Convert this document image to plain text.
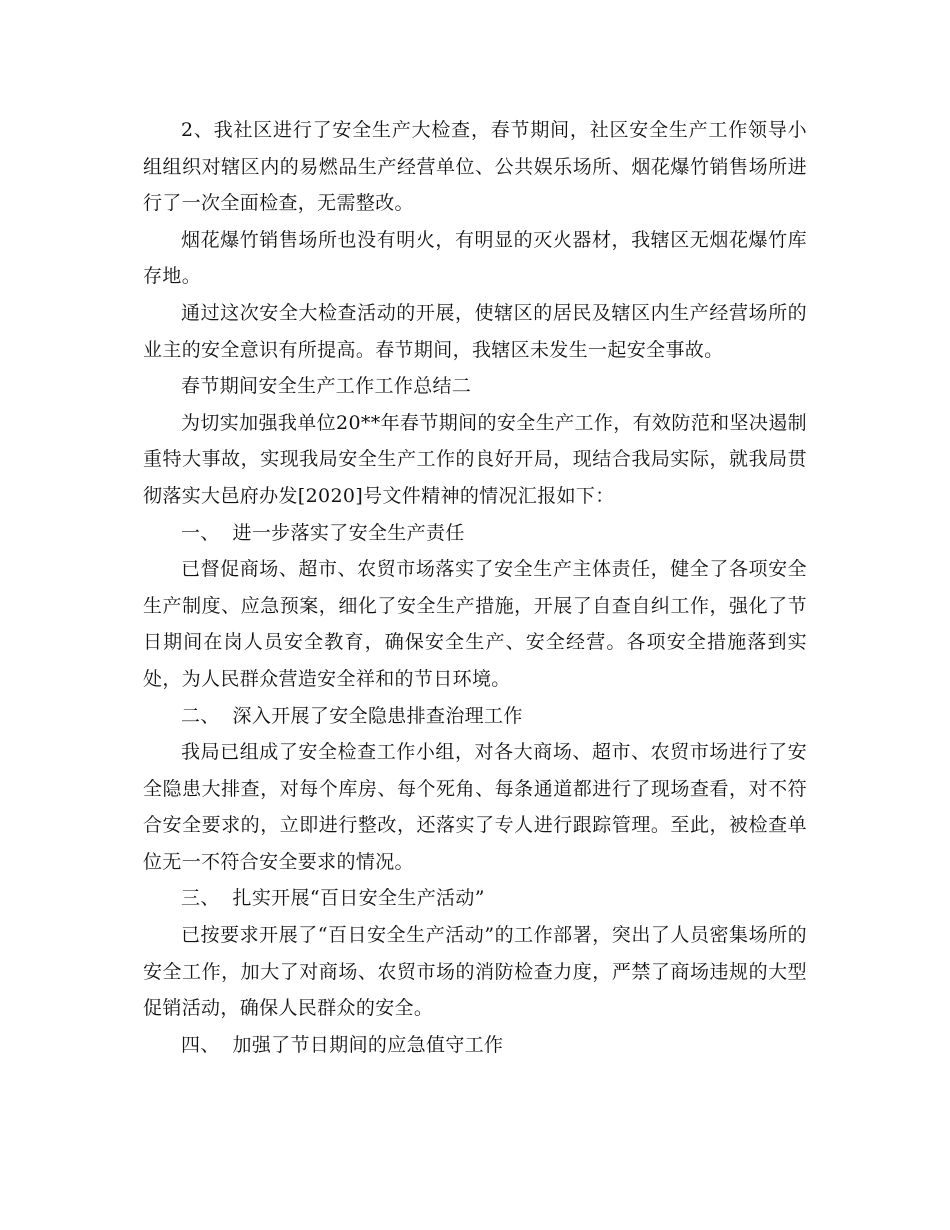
2、我社区进行了安全生产大检查，春节期间，社区安全生产工作领导小组组织对辖区内的易燃品生产经营单位、公共娱乐场所、烟花爆竹销售场所进行了一次全面检查，无需整改。

烟花爆竹销售场所也没有明火，有明显的灭火器材，我辖区无烟花爆竹库存地。

通过这次安全大检查活动的开展，使辖区的居民及辖区内生产经营场所的业主的安全意识有所提高。春节期间，我辖区未发生一起安全事故。

春节期间安全生产工作工作总结二

为切实加强我单位20**年春节期间的安全生产工作，有效防范和坚决遏制重特大事故，实现我局安全生产工作的良好开局，现结合我局实际，就我局贯彻落实大邑府办发[2020]号文件精神的情况汇报如下：

一、  进一步落实了安全生产责任

已督促商场、超市、农贸市场落实了安全生产主体责任，健全了各项安全生产制度、应急预案，细化了安全生产措施，开展了自查自纠工作，强化了节日期间在岗人员安全教育，确保安全生产、安全经营。各项安全措施落到实处，为人民群众营造安全祥和的节日环境。

二、  深入开展了安全隐患排查治理工作

我局已组成了安全检查工作小组，对各大商场、超市、农贸市场进行了安全隐患大排查，对每个库房、每个死角、每条通道都进行了现场查看，对不符合安全要求的，立即进行整改，还落实了专人进行跟踪管理。至此，被检查单位无一不符合安全要求的情况。

三、  扎实开展“百日安全生产活动”

已按要求开展了“百日安全生产活动”的工作部署，突出了人员密集场所的安全工作，加大了对商场、农贸市场的消防检查力度，严禁了商场违规的大型促销活动，确保人民群众的安全。

四、  加强了节日期间的应急值守工作
